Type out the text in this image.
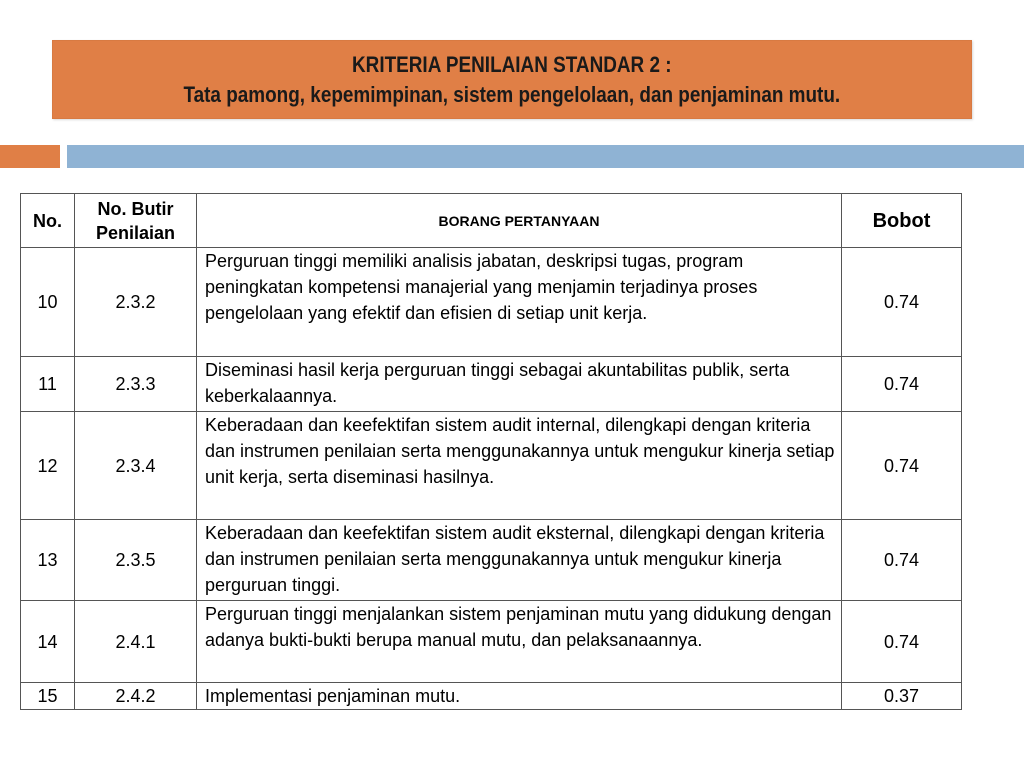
KRITERIA PENILAIAN STANDAR 2 :
Tata pamong, kepemimpinan, sistem pengelolaan, dan penjaminan mutu.
No.	No. Butir Penilaian	BORANG PERTANYAAN	Bobot
10	2.3.2	Perguruan tinggi memiliki analisis jabatan, deskripsi tugas, program peningkatan kompetensi manajerial yang menjamin terjadinya proses pengelolaan yang efektif dan efisien di setiap unit kerja.	0.74
11	2.3.3	Diseminasi hasil kerja perguruan tinggi sebagai akuntabilitas publik, serta keberkalaannya.	0.74
12	2.3.4	Keberadaan dan keefektifan sistem audit internal, dilengkapi dengan kriteria dan instrumen penilaian serta menggunakannya untuk mengukur kinerja setiap unit kerja, serta diseminasi hasilnya.	0.74
13	2.3.5	Keberadaan dan keefektifan sistem audit eksternal, dilengkapi dengan kriteria dan instrumen penilaian serta menggunakannya untuk mengukur kinerja perguruan tinggi.	0.74
14	2.4.1	Perguruan tinggi menjalankan sistem penjaminan mutu yang didukung dengan adanya bukti-bukti berupa manual mutu, dan pelaksanaannya.	0.74
15	2.4.2	Implementasi penjaminan mutu.	0.37
